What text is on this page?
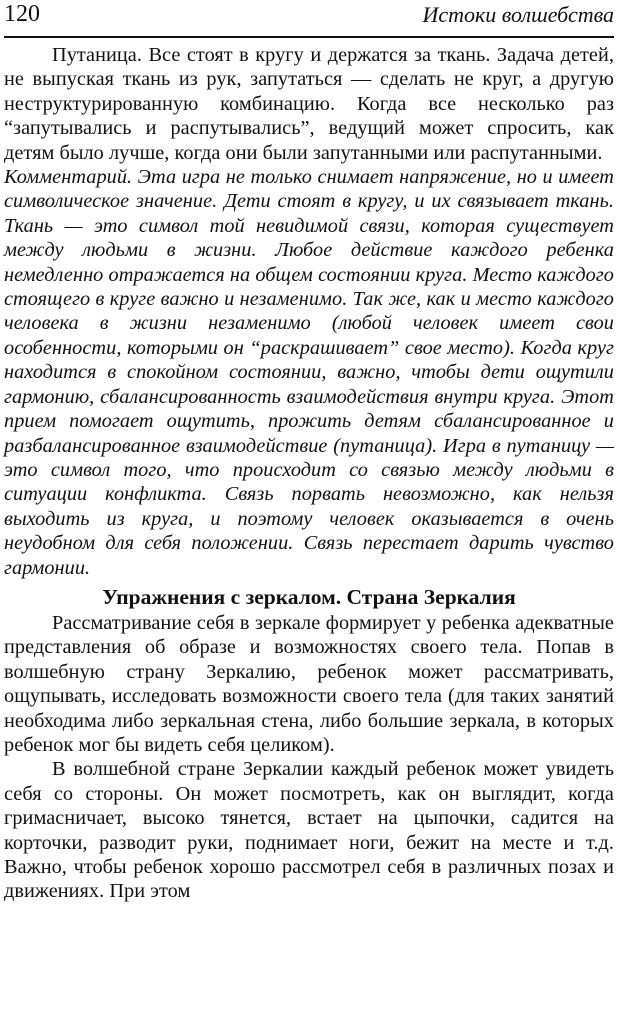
120	Истоки волшебства

Путаница. Все стоят в кругу и держатся за ткань. Задача детей, не выпуская ткань из рук, запутаться — сделать не круг, а другую неструктурированную комбинацию. Когда все несколько раз “запутывались и распутывались”, ведущий может спросить, как детям было лучше, когда они были запутанными или распутанными.

Комментарий. Эта игра не только снимает напряжение, но и имеет символическое значение. Дети стоят в кругу, и их связывает ткань. Ткань — это символ той невидимой связи, которая существует между людьми в жизни. Любое действие каждого ребенка немедленно отражается на общем состоянии круга. Место каждого стоящего в круге важно и незаменимо. Так же, как и место каждого человека в жизни незаменимо (любой человек имеет свои особенности, которыми он “раскрашивает” свое место). Когда круг находится в спокойном состоянии, важно, чтобы дети ощутили гармонию, сбалансированность взаимодействия внутри круга. Этот прием помогает ощутить, прожить детям сбалансированное и разбалансированное взаимодействие (путаница). Игра в путаницу — это символ того, что происходит со связью между людьми в ситуации конфликта. Связь порвать невозможно, как нельзя выходить из круга, и поэтому человек оказывается в очень неудобном для себя положении. Связь перестает дарить чувство гармонии.

Упражнения с зеркалом. Страна Зеркалия

Рассматривание себя в зеркале формирует у ребенка адекватные представления об образе и возможностях своего тела. Попав в волшебную страну Зеркалию, ребенок может рассматривать, ощупывать, исследовать возможности своего тела (для таких занятий необходима либо зеркальная стена, либо большие зеркала, в которых ребенок мог бы видеть себя целиком).

В волшебной стране Зеркалии каждый ребенок может увидеть себя со стороны. Он может посмотреть, как он выглядит, когда гримасничает, высоко тянется, встает на цыпочки, садится на корточки, разводит руки, поднимает ноги, бежит на месте и т.д. Важно, чтобы ребенок хорошо рассмотрел себя в различных позах и движениях. При этом
